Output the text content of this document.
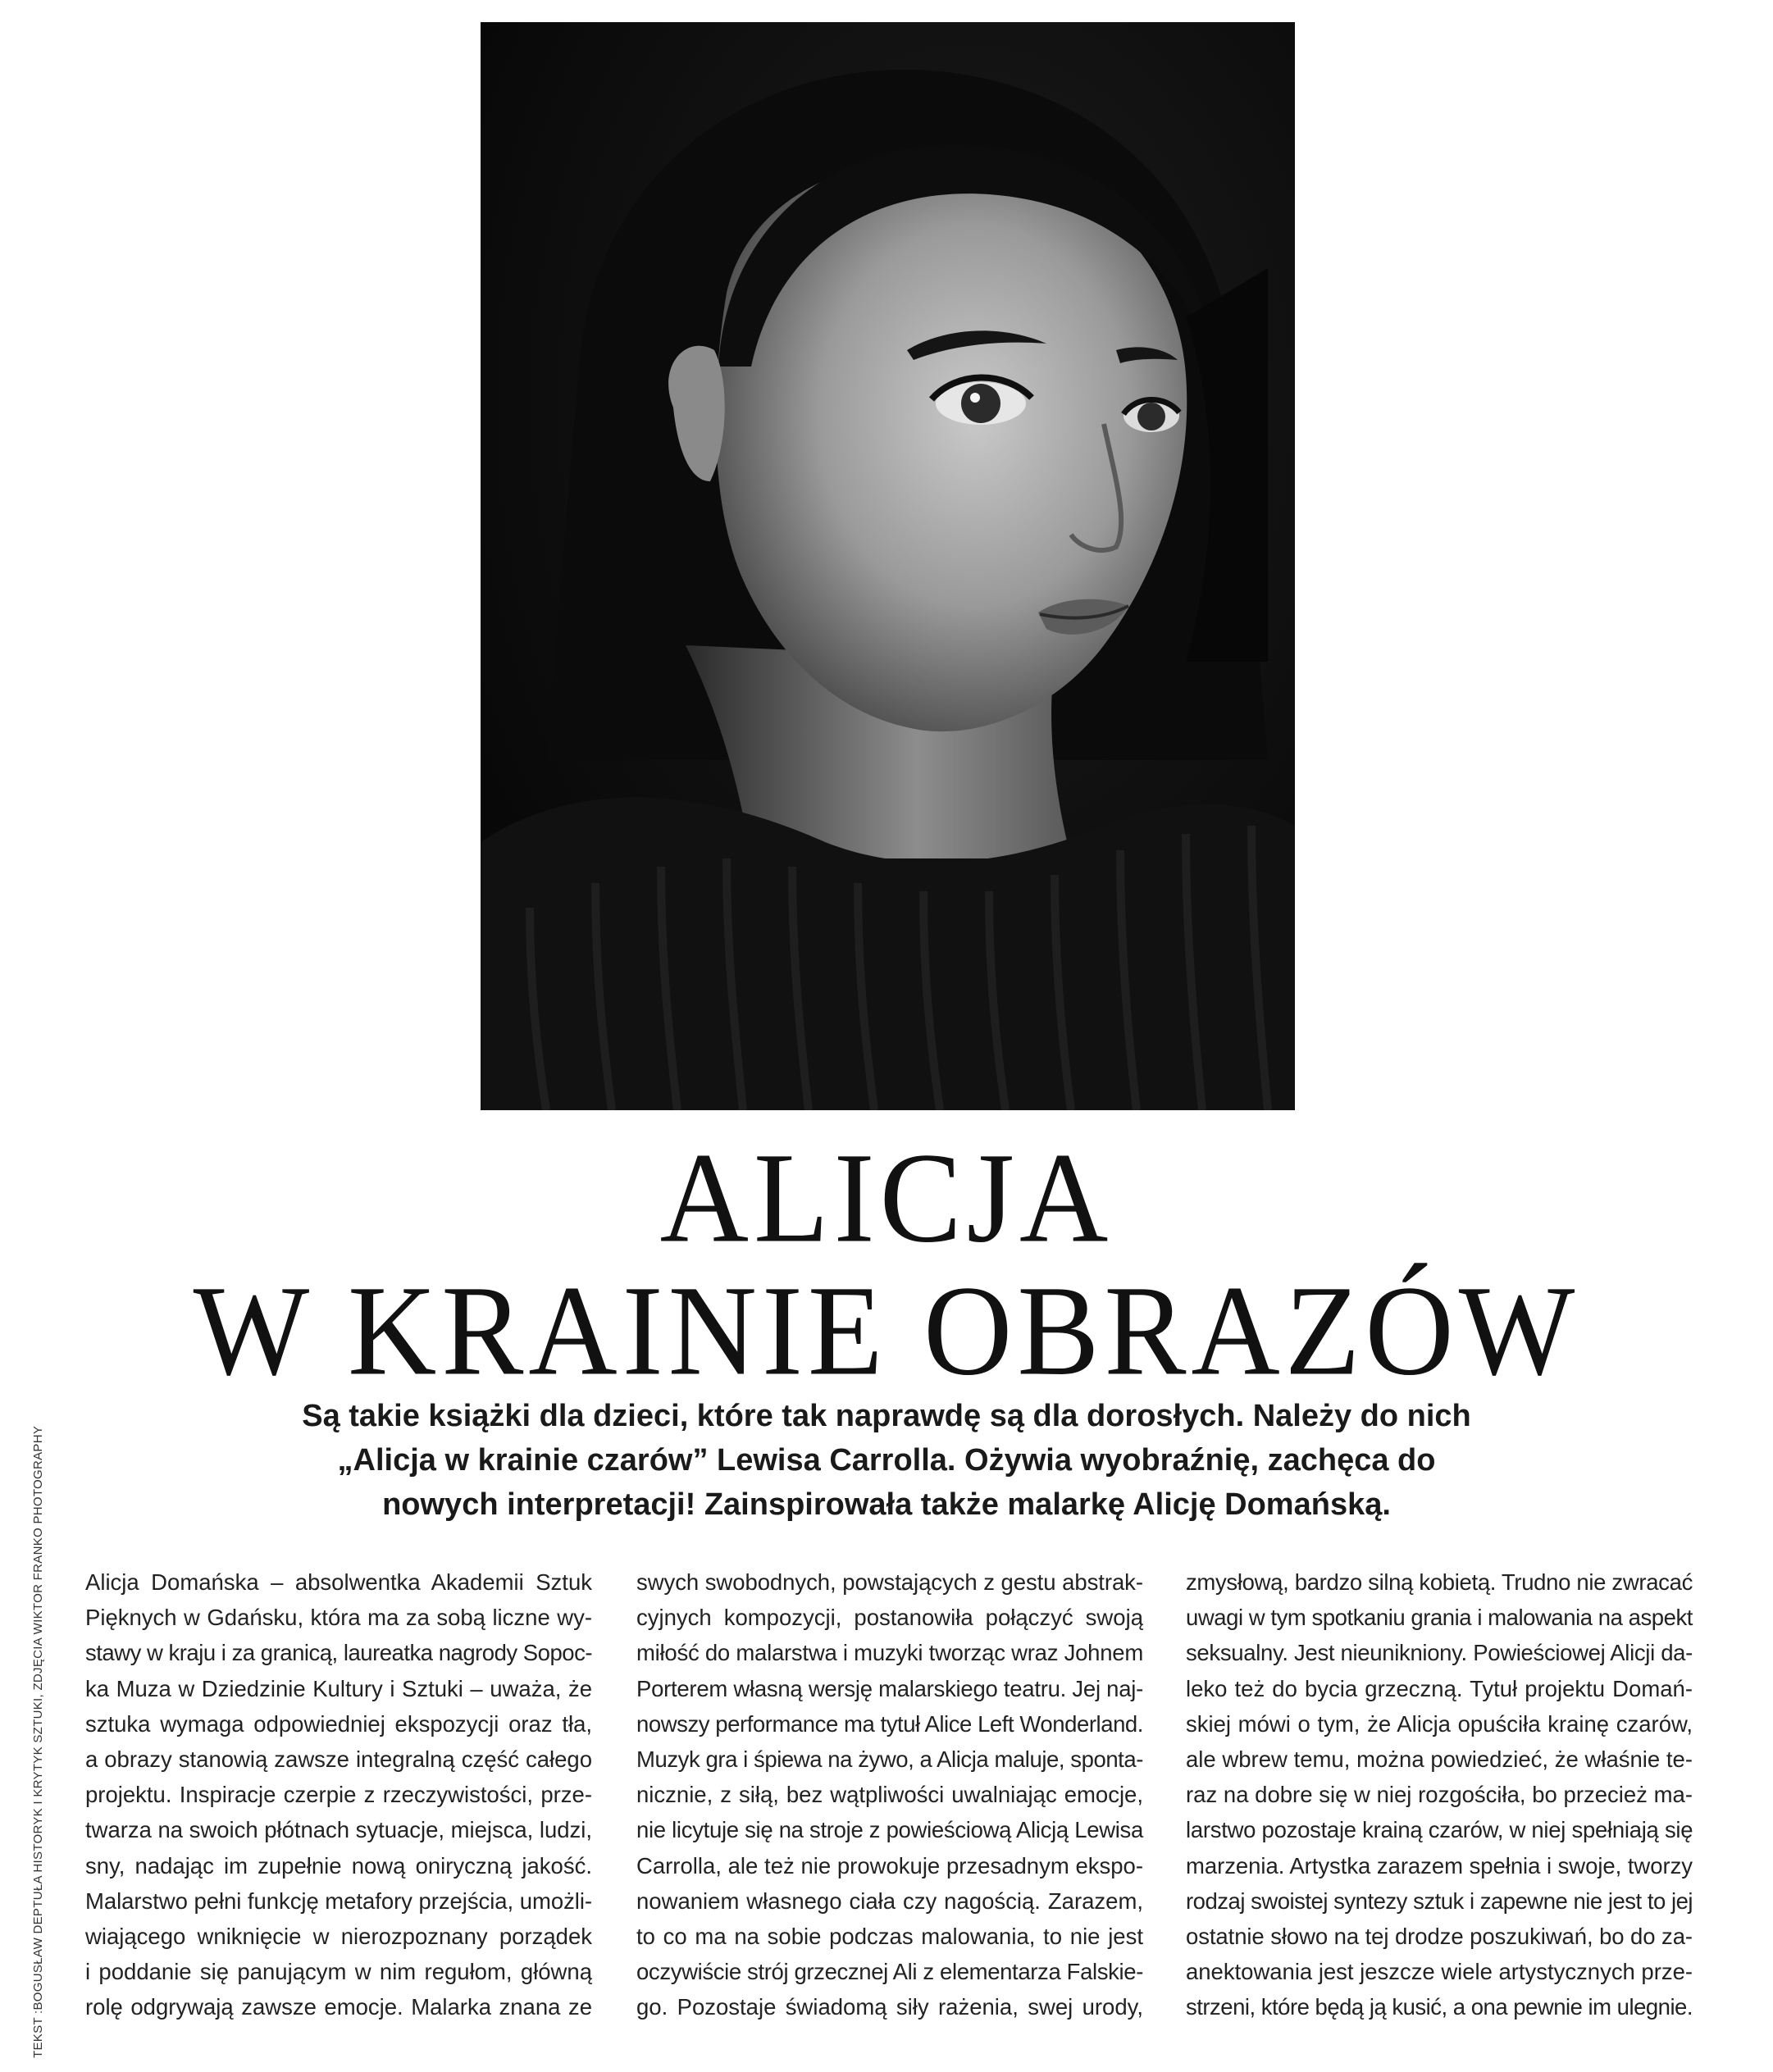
ALICJA
W KRAINIE OBRAZÓW

Są takie książki dla dzieci, które tak naprawdę są dla dorosłych. Należy do nich
„Alicja w krainie czarów” Lewisa Carrolla. Ożywia wyobraźnię, zachęca do
nowych interpretacji! Zainspirowała także malarkę Alicję Domańską.

TEKST :BOGUSŁAW DEPTUŁA HISTORYK I KRYTYK SZTUKI, ZDJĘCIA WIKTOR FRANKO PHOTOGRAPHY Alicja Domańska – absolwentka Akademii Sztuk
Pięknych w Gdańsku, która ma za sobą liczne wy-
stawy w kraju i za granicą, laureatka nagrody Sopoc-
ka Muza w Dziedzinie Kultury i Sztuki – uważa, że
sztuka wymaga odpowiedniej ekspozycji oraz tła,
a obrazy stanowią zawsze integralną część całego
projektu. Inspiracje czerpie z rzeczywistości, prze-
twarza na swoich płótnach sytuacje, miejsca, ludzi,
sny, nadając im zupełnie nową oniryczną jakość.
Malarstwo pełni funkcję metafory przejścia, umożli-
wiającego wniknięcie w nierozpoznany porządek
i poddanie się panującym w nim regułom, główną
rolę odgrywają zawsze emocje. Malarka znana ze
swych swobodnych, powstających z gestu abstrak-
cyjnych kompozycji, postanowiła połączyć swoją
miłość do malarstwa i muzyki tworząc wraz Johnem
Porterem własną wersję malarskiego teatru. Jej naj-
nowszy performance ma tytuł Alice Left Wonderland.
Muzyk gra i śpiewa na żywo, a Alicja maluje, sponta-
nicznie, z siłą, bez wątpliwości uwalniając emocje,
nie licytuje się na stroje z powieściową Alicją Lewisa
Carrolla, ale też nie prowokuje przesadnym ekspo-
nowaniem własnego ciała czy nagością. Zarazem,
to co ma na sobie podczas malowania, to nie jest
oczywiście strój grzecznej Ali z elementarza Falskie-
go. Pozostaje świadomą siły rażenia, swej urody,
zmysłową, bardzo silną kobietą. Trudno nie zwracać
uwagi w tym spotkaniu grania i malowania na aspekt
seksualny. Jest nieunikniony. Powieściowej Alicji da-
leko też do bycia grzeczną. Tytuł projektu Domań-
skiej mówi o tym, że Alicja opuściła krainę czarów,
ale wbrew temu, można powiedzieć, że właśnie te-
raz na dobre się w niej rozgościła, bo przecież ma-
larstwo pozostaje krainą czarów, w niej spełniają się
marzenia. Artystka zarazem spełnia i swoje, tworzy
rodzaj swoistej syntezy sztuk i zapewne nie jest to jej
ostatnie słowo na tej drodze poszukiwań, bo do za-
anektowania jest jeszcze wiele artystycznych prze-
strzeni, które będą ją kusić, a ona pewnie im ulegnie.
